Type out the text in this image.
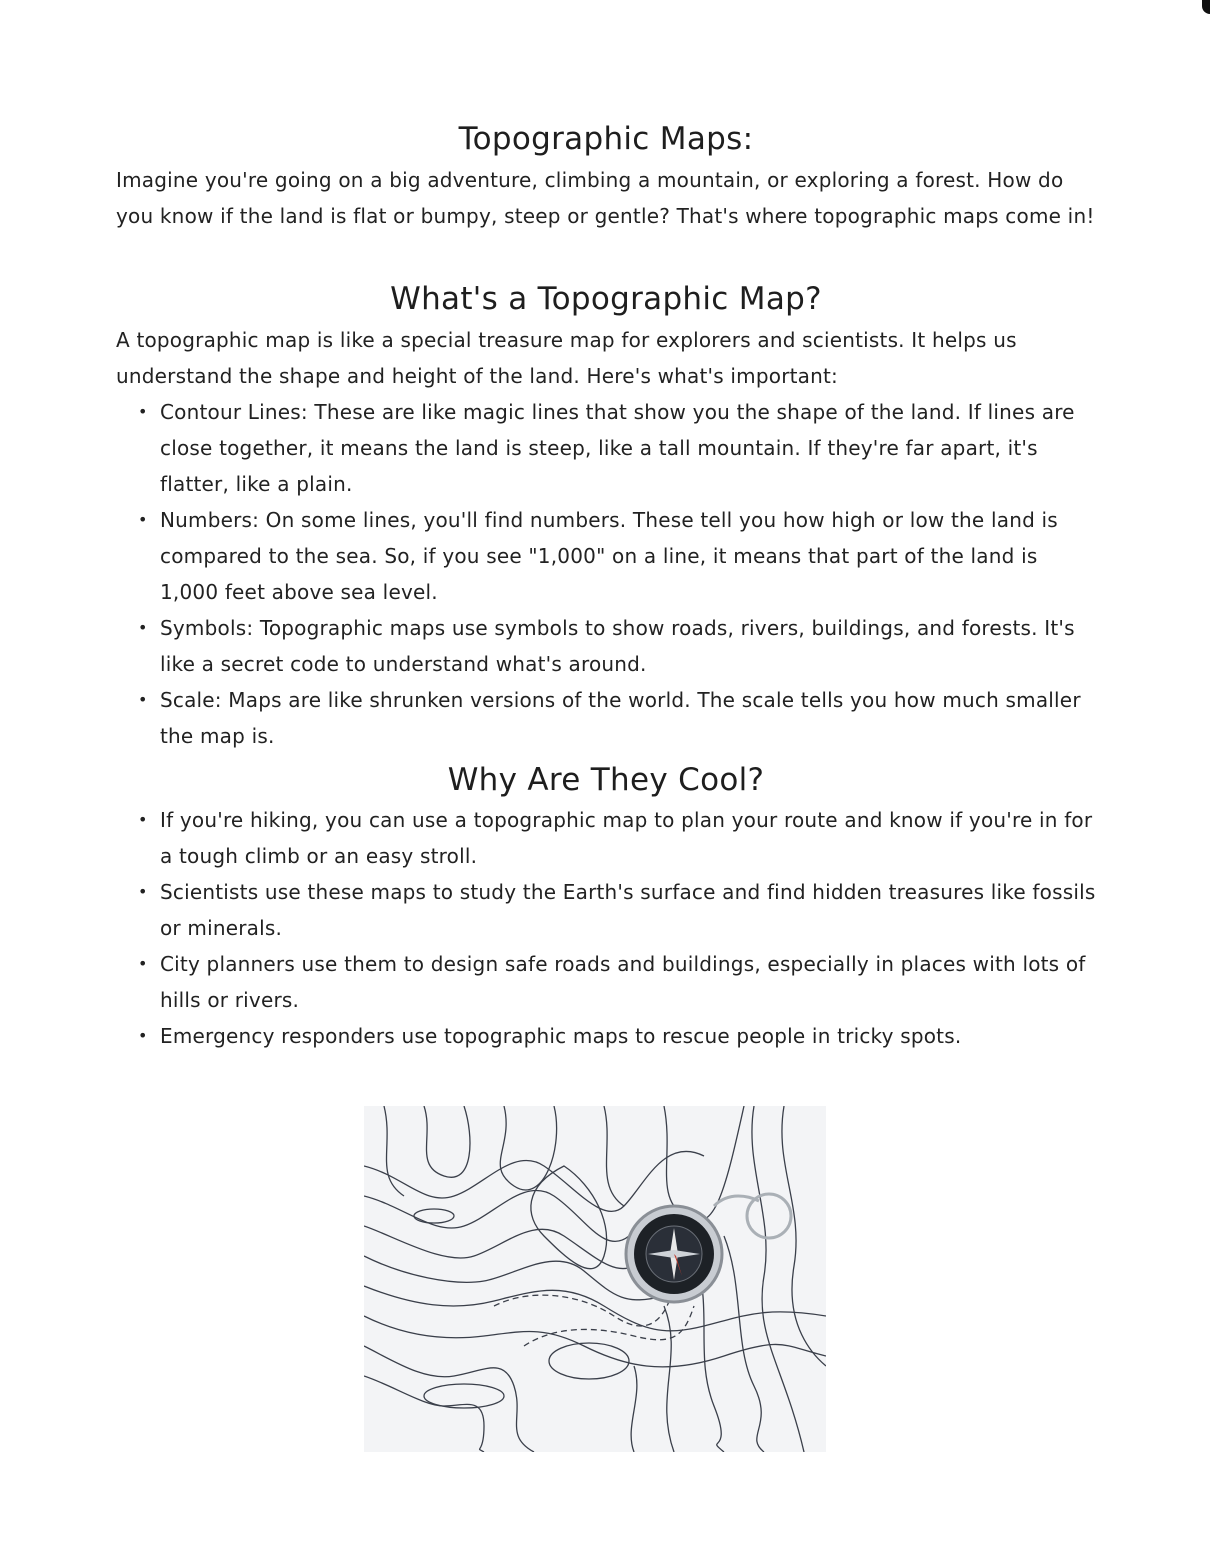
Topographic Maps:

Imagine you're going on a big adventure, climbing a mountain, or exploring a forest. How do you know if the land is flat or bumpy, steep or gentle? That's where topographic maps come in!

What's a Topographic Map?

A topographic map is like a special treasure map for explorers and scientists. It helps us understand the shape and height of the land. Here's what's important:

• Contour Lines: These are like magic lines that show you the shape of the land. If lines are close together, it means the land is steep, like a tall mountain. If they're far apart, it's flatter, like a plain.
• Numbers: On some lines, you'll find numbers. These tell you how high or low the land is compared to the sea. So, if you see "1,000" on a line, it means that part of the land is 1,000 feet above sea level.
• Symbols: Topographic maps use symbols to show roads, rivers, buildings, and forests. It's like a secret code to understand what's around.
• Scale: Maps are like shrunken versions of the world. The scale tells you how much smaller the map is.
Why Are They Cool?
• If you're hiking, you can use a topographic map to plan your route and know if you're in for a tough climb or an easy stroll.
• Scientists use these maps to study the Earth's surface and find hidden treasures like fossils or minerals.
• City planners use them to design safe roads and buildings, especially in places with lots of hills or rivers.
• Emergency responders use topographic maps to rescue people in tricky spots.
